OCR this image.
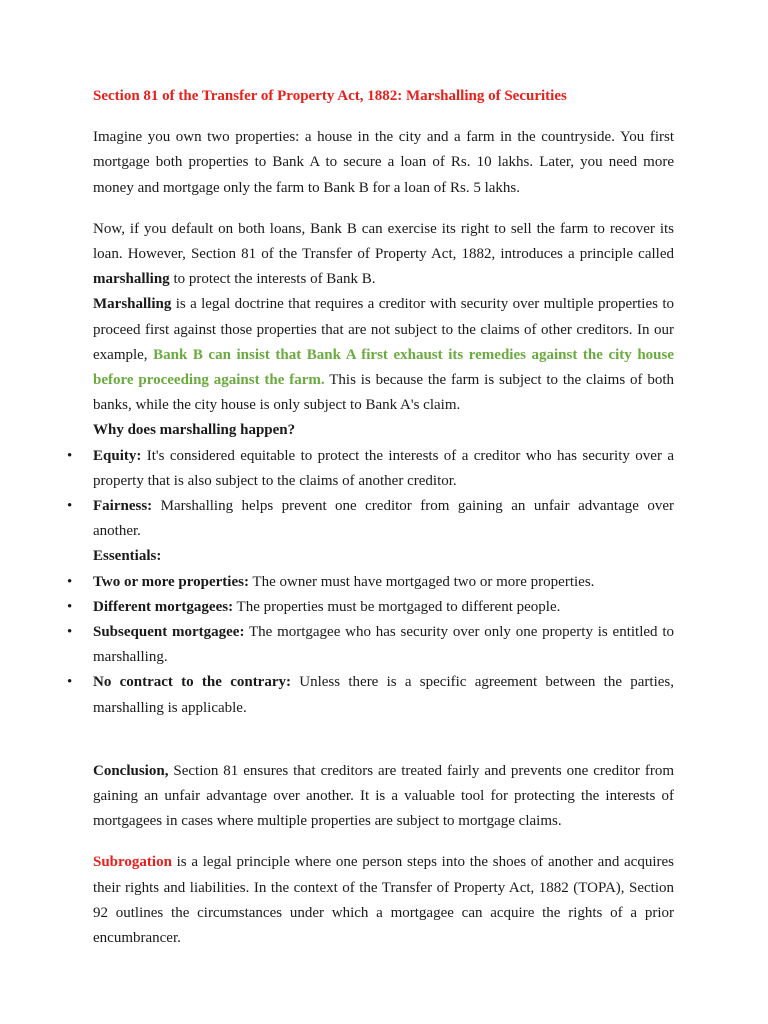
Section 81 of the Transfer of Property Act, 1882: Marshalling of Securities

Imagine you own two properties: a house in the city and a farm in the countryside. You first mortgage both properties to Bank A to secure a loan of Rs. 10 lakhs. Later, you need more money and mortgage only the farm to Bank B for a loan of Rs. 5 lakhs.

Now, if you default on both loans, Bank B can exercise its right to sell the farm to recover its loan. However, Section 81 of the Transfer of Property Act, 1882, introduces a principle called marshalling to protect the interests of Bank B.

Marshalling is a legal doctrine that requires a creditor with security over multiple properties to proceed first against those properties that are not subject to the claims of other creditors. In our example, Bank B can insist that Bank A first exhaust its remedies against the city house before proceeding against the farm. This is because the farm is subject to the claims of both banks, while the city house is only subject to Bank A's claim.

Why does marshalling happen?

• Equity: It's considered equitable to protect the interests of a creditor who has security over a property that is also subject to the claims of another creditor.
• Fairness: Marshalling helps prevent one creditor from gaining an unfair advantage over another.

Essentials:

• Two or more properties: The owner must have mortgaged two or more properties.
• Different mortgagees: The properties must be mortgaged to different people.
• Subsequent mortgagee: The mortgagee who has security over only one property is entitled to marshalling.
• No contract to the contrary: Unless there is a specific agreement between the parties, marshalling is applicable.

Conclusion, Section 81 ensures that creditors are treated fairly and prevents one creditor from gaining an unfair advantage over another. It is a valuable tool for protecting the interests of mortgagees in cases where multiple properties are subject to mortgage claims.

Subrogation is a legal principle where one person steps into the shoes of another and acquires their rights and liabilities. In the context of the Transfer of Property Act, 1882 (TOPA), Section 92 outlines the circumstances under which a mortgagee can acquire the rights of a prior encumbrancer.
